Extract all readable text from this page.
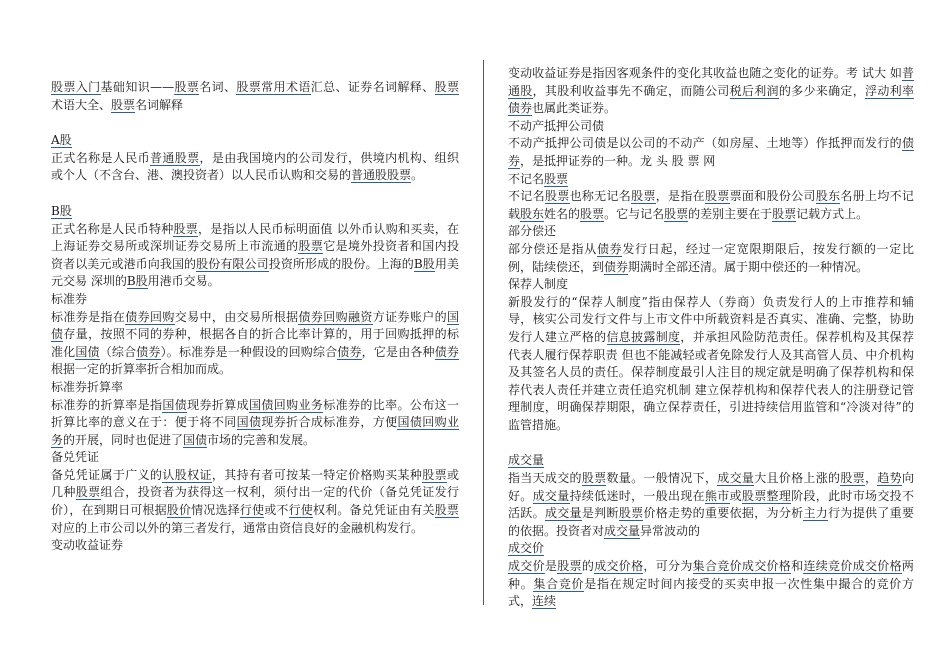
股票入门基础知识——股票名词、股票常用术语汇总、证券名词解释、股票术语大全、股票名词解释

A股

正式名称是人民币普通股票，是由我国境内的公司发行，供境内机构、组织或个人（不含台、港、澳投资者）以人民币认购和交易的普通股股票。

B股

正式名称是人民币特种股票，是指以人民币标明面值 以外币认购和买卖，在上海证券交易所或深圳证券交易所上市流通的股票它是境外投资者和国内投资者以美元或港币向我国的股份有限公司投资所形成的股份。上海的B股用美元交易 深圳的B股用港币交易。

标准券

标准券是指在债券回购交易中，由交易所根据债券回购融资方证券账户的国债存量，按照不同的券种，根据各自的折合比率计算的，用于回购抵押的标准化国债（综合债券）。标准券是一种假设的回购综合债券，它是由各种债券根据一定的折算率折合相加而成。

标准券折算率

标准券的折算率是指国债现券折算成国债回购业务标准券的比率。公布这一折算比率的意义在于：便于将不同国债现券折合成标准券，方便国债回购业务的开展，同时也促进了国债市场的完善和发展。

备兑凭证

备兑凭证属于广义的认股权证，其持有者可按某一特定价格购买某种股票或几种股票组合，投资者为获得这一权利，须付出一定的代价（备兑凭证发行价），在到期日可根据股价情况选择行使或不行使权利。备兑凭证由有关股票对应的上市公司以外的第三者发行，通常由资信良好的金融机构发行。

变动收益证券

变动收益证券是指因客观条件的变化其收益也随之变化的证券。考 试大 如普通股，其股利收益事先不确定，而随公司税后利润的多少来确定，浮动利率债券也属此类证券。

不动产抵押公司债

不动产抵押公司债是以公司的不动产（如房屋、土地等）作抵押而发行的债券，是抵押证券的一种。龙 头 股 票 网

不记名股票

不记名股票也称无记名股票，是指在股票票面和股份公司股东名册上均不记载股东姓名的股票。它与记名股票的差别主要在于股票记载方式上。

部分偿还

部分偿还是指从债券发行日起，经过一定宽限期限后，按发行额的一定比例，陆续偿还，到债券期满时全部还清。属于期中偿还的一种情况。

保荐人制度

新股发行的“保荐人制度”指由保荐人（券商）负责发行人的上市推荐和辅导，核实公司发行文件与上市文件中所载资料是否真实、准确、完整，协助发行人建立严格的信息披露制度，并承担风险防范责任。保荐机构及其保荐代表人履行保荐职责 但也不能减轻或者免除发行人及其高管人员、中介机构及其签名人员的责任。保荐制度最引人注目的规定就是明确了保荐机构和保荐代表人责任并建立责任追究机制 建立保荐机构和保荐代表人的注册登记管理制度，明确保荐期限，确立保荐责任，引进持续信用监管和“冷淡对待”的监管措施。

成交量

指当天成交的股票数量。一般情况下，成交量大且价格上涨的股票，趋势向好。成交量持续低迷时，一般出现在熊市或股票整理阶段，此时市场交投不活跃。成交量是判断股票价格走势的重要依据，为分析主力行为提供了重要的依据。投资者对成交量异常波动的

成交价

成交价是股票的成交价格，可分为集合竞价成交价格和连续竞价成交价格两种。集合竞价是指在规定时间内接受的买卖申报一次性集中撮合的竞价方式，连续
